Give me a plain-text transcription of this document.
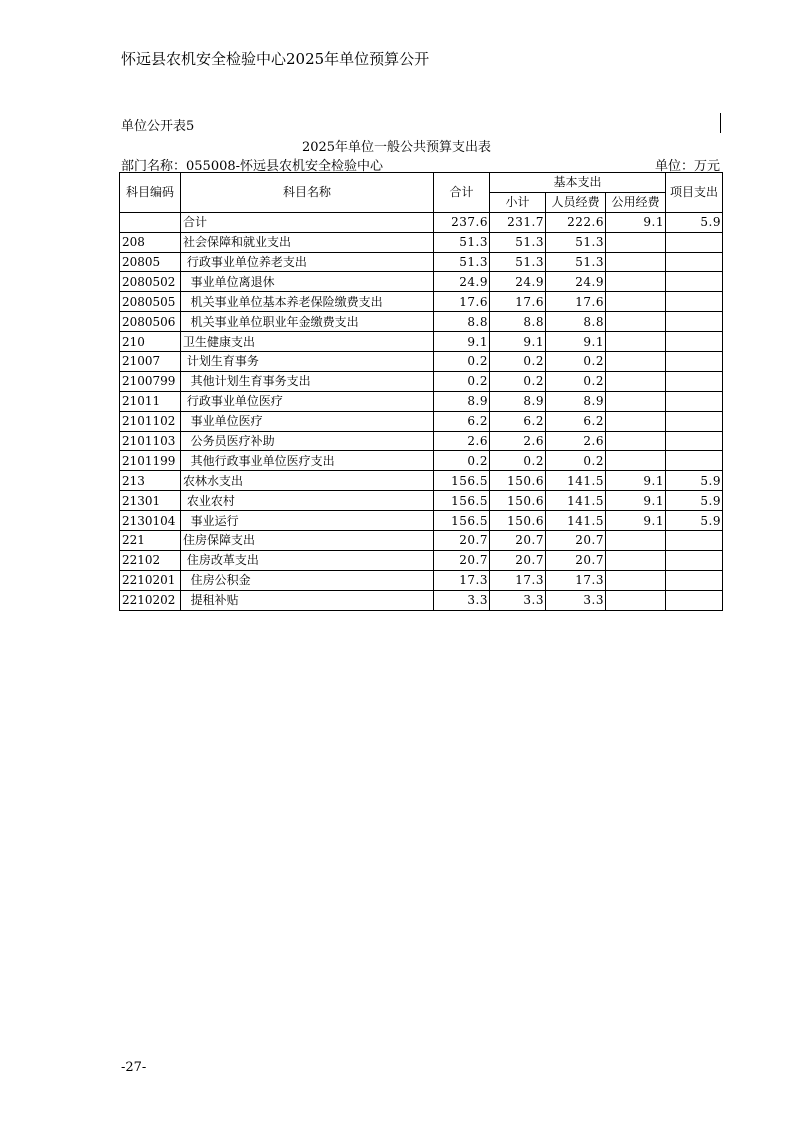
怀远县农机安全检验中心2025年单位预算公开
单位公开表5
2025年单位一般公共预算支出表
部门名称：055008-怀远县农机安全检验中心	单位：万元
科目编码	科目名称	合计	基本支出			项目支出
			小计	人员经费	公用经费	
	合计	237.6	231.7	222.6	9.1	5.9
208	社会保障和就业支出	51.3	51.3	51.3		
20805	行政事业单位养老支出	51.3	51.3	51.3		
2080502	事业单位离退休	24.9	24.9	24.9		
2080505	机关事业单位基本养老保险缴费支出	17.6	17.6	17.6		
2080506	机关事业单位职业年金缴费支出	8.8	8.8	8.8		
210	卫生健康支出	9.1	9.1	9.1		
21007	计划生育事务	0.2	0.2	0.2		
2100799	其他计划生育事务支出	0.2	0.2	0.2		
21011	行政事业单位医疗	8.9	8.9	8.9		
2101102	事业单位医疗	6.2	6.2	6.2		
2101103	公务员医疗补助	2.6	2.6	2.6		
2101199	其他行政事业单位医疗支出	0.2	0.2	0.2		
213	农林水支出	156.5	150.6	141.5	9.1	5.9
21301	农业农村	156.5	150.6	141.5	9.1	5.9
2130104	事业运行	156.5	150.6	141.5	9.1	5.9
221	住房保障支出	20.7	20.7	20.7		
22102	住房改革支出	20.7	20.7	20.7		
2210201	住房公积金	17.3	17.3	17.3		
2210202	提租补贴	3.3	3.3	3.3		
-27-
